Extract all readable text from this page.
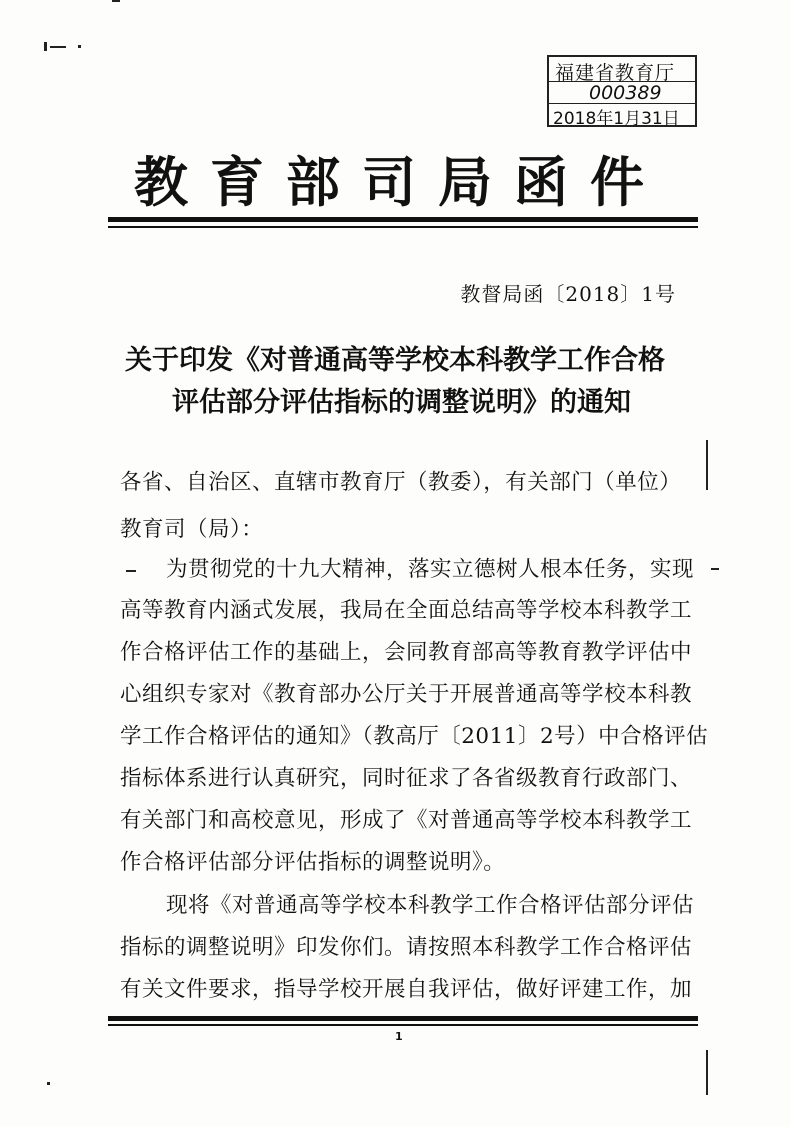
福建省教育厅
000389
2018年1月31日
教育部司局函件
教督局函〔2018〕1号
关于印发《对普通高等学校本科教学工作合格
评估部分评估指标的调整说明》的通知
各省、自治区、直辖市教育厅（教委），有关部门（单位）
教育司（局）：
为贯彻党的十九大精神，落实立德树人根本任务，实现
高等教育内涵式发展，我局在全面总结高等学校本科教学工
作合格评估工作的基础上，会同教育部高等教育教学评估中
心组织专家对《教育部办公厅关于开展普通高等学校本科教
学工作合格评估的通知》（教高厅〔2011〕2号）中合格评估
指标体系进行认真研究，同时征求了各省级教育行政部门、
有关部门和高校意见，形成了《对普通高等学校本科教学工
作合格评估部分评估指标的调整说明》。
现将《对普通高等学校本科教学工作合格评估部分评估
指标的调整说明》印发你们。请按照本科教学工作合格评估
有关文件要求，指导学校开展自我评估，做好评建工作，加
1
